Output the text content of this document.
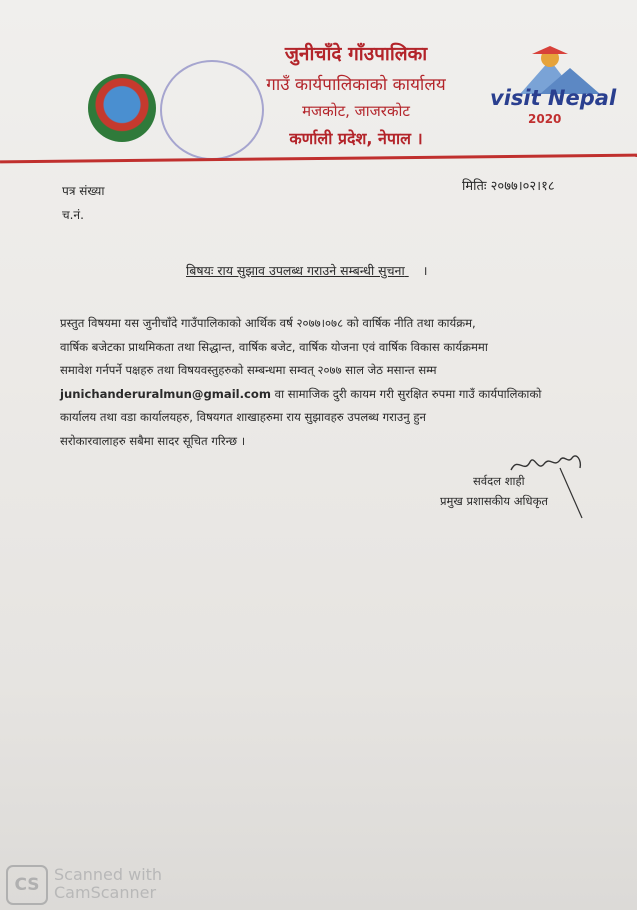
जुनीचाँदे गाँउपालिका
गाउँ कार्यपालिकाको कार्यालय
मजकोट, जाजरकोट
कर्णाली प्रदेश, नेपाल ।
visit Nepal
2020
पत्र संख्या
च.नं.
मितिः २०७७।०२।१८
बिषयः राय सुझाव उपलब्ध गराउने सम्बन्धी सुचना ।

प्रस्तुत विषयमा यस जुनीचाँदे गाउँपालिकाको आर्थिक वर्ष २०७७।०७८ को वार्षिक नीति तथा कार्यक्रम,

वार्षिक बजेटका प्राथमिकता तथा सिद्धान्त, वार्षिक बजेट, वार्षिक योजना एवं वार्षिक विकास कार्यक्रममा

समावेश गर्नपर्ने पक्षहरु तथा विषयवस्तुहरुको सम्बन्धमा सम्वत् २०७७ साल जेठ मसान्त सम्म

junichanderuralmun@gmail.com वा सामाजिक दुरी कायम गरी सुरक्षित रुपमा गाउँ कार्यपालिकाको

कार्यालय तथा वडा कार्यालयहरु, विषयगत शाखाहरुमा राय सुझावहरु उपलब्ध गराउनु हुन

सरोकारवालाहरु सबैमा सादर सूचित गरिन्छ ।

सर्वदल शाही
प्रमुख प्रशासकीय अधिकृत
CS
Scanned with
CamScanner
